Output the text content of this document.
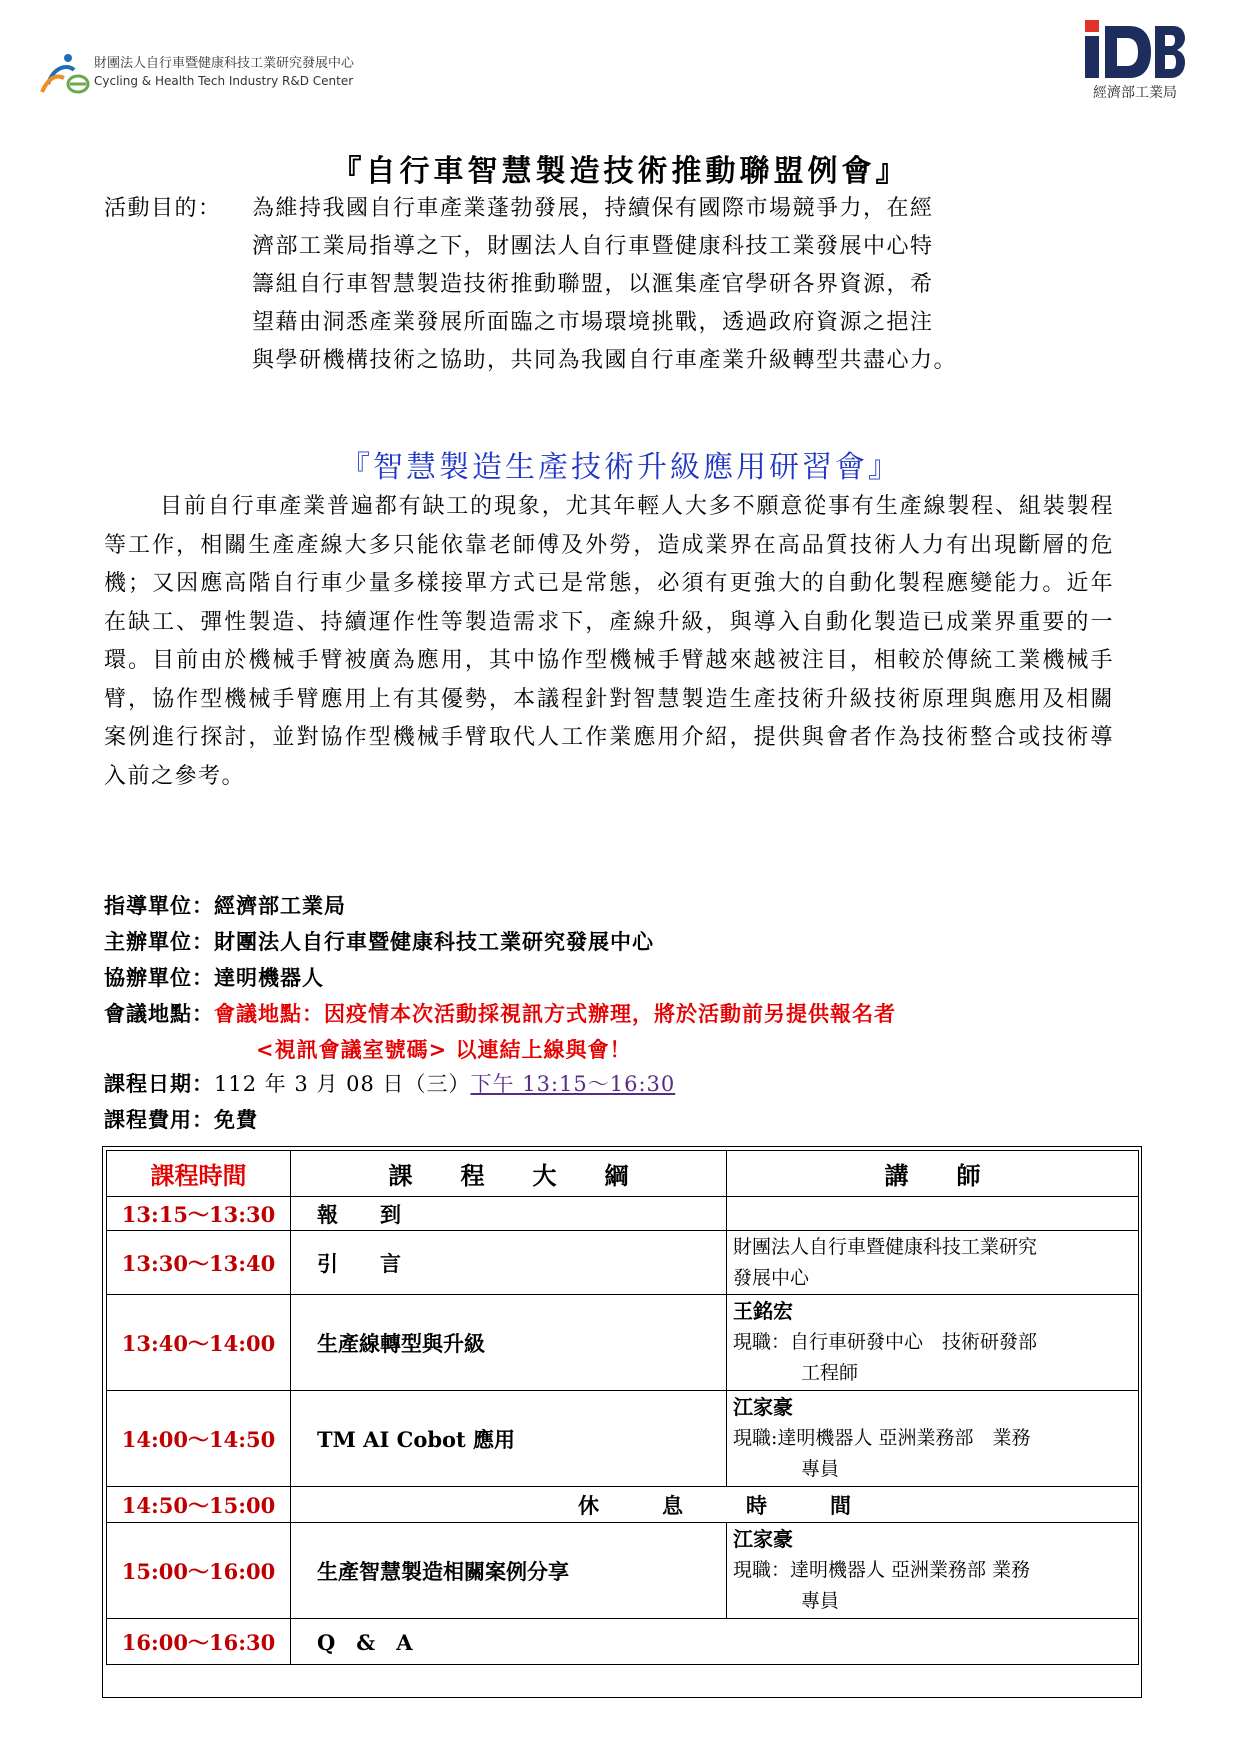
財團法人自行車暨健康科技工業研究發展中心
Cycling & Health Tech Industry R&D Center
經濟部工業局
『自行車智慧製造技術推動聯盟例會』
活動目的： 為維持我國自行車產業蓬勃發展，持續保有國際市場競爭力，在經
濟部工業局指導之下，財團法人自行車暨健康科技工業發展中心特
籌組自行車智慧製造技術推動聯盟，以滙集產官學研各界資源，希
望藉由洞悉產業發展所面臨之市場環境挑戰，透過政府資源之挹注
與學研機構技術之協助，共同為我國自行車產業升級轉型共盡心力。
『智慧製造生產技術升級應用研習會』
目前自行車產業普遍都有缺工的現象，尤其年輕人大多不願意從事有生產線製程、組裝製程等工作，相關生產產線大多只能依靠老師傅及外勞，造成業界在高品質技術人力有出現斷層的危機；又因應高階自行車少量多樣接單方式已是常態，必須有更強大的自動化製程應變能力。近年在缺工、彈性製造、持續運作性等製造需求下，產線升級，與導入自動化製造已成業界重要的一環。目前由於機械手臂被廣為應用，其中協作型機械手臂越來越被注目，相較於傳統工業機械手臂，協作型機械手臂應用上有其優勢，本議程針對智慧製造生產技術升級技術原理與應用及相關案例進行探討，並對協作型機械手臂取代人工作業應用介紹，提供與會者作為技術整合或技術導入前之參考。
指導單位：經濟部工業局
主辦單位：財團法人自行車暨健康科技工業研究發展中心
協辦單位：達明機器人
會議地點：會議地點：因疫情本次活動採視訊方式辦理，將於活動前另提供報名者
<視訊會議室號碼> 以連結上線與會！
課程日期：112 年 3 月 08 日（三）下午 13:15～16:30
課程費用：免費
課程時間	課　　程　　大　　綱	講　　師
13:15～13:30	報　　到	
13:30～13:40	引　　言	財團法人自行車暨健康科技工業研究
發展中心

13:40～14:00	生產線轉型與升級	王銘宏
現職：自行車研發中心　技術研發部
工程師

14:00～14:50	TM AI Cobot 應用	江家豪
現職:達明機器人 亞洲業務部　業務
專員

14:50～15:00	休　　　息　　　時　　　間	
15:00～16:00	生產智慧製造相關案例分享	江家豪
現職：達明機器人 亞洲業務部 業務
專員

16:00～16:30	Q　&　A	
